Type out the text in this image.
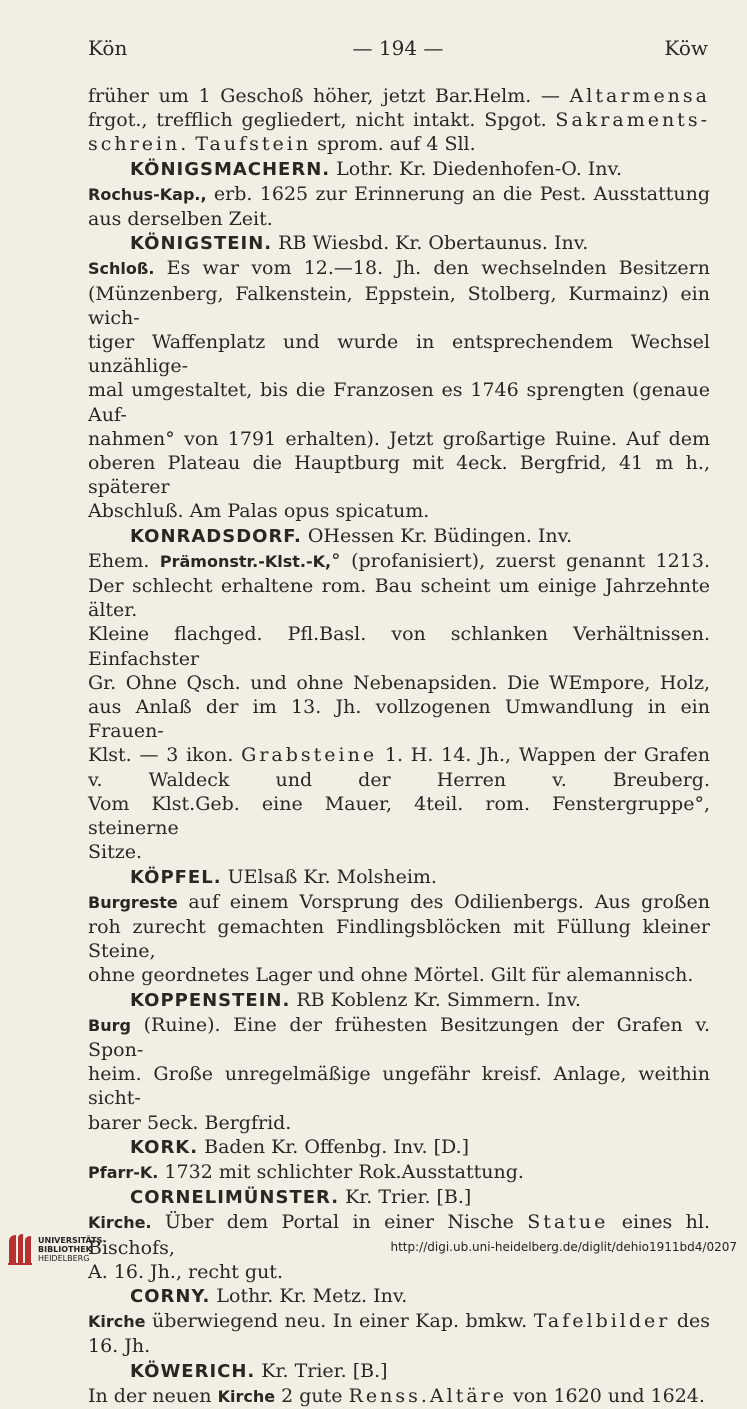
Kön	— 194 —	Köw

früher um 1 Geschoß höher, jetzt Bar.Helm. — Altarmensa

frgot., trefflich gegliedert, nicht intakt. Spgot. Sakraments-

schrein. Taufstein sprom. auf 4 Sll.

KÖNIGSMACHERN. Lothr. Kr. Diedenhofen-O. Inv.

Rochus-Kap., erb. 1625 zur Erinnerung an die Pest. Ausstattung

aus derselben Zeit.

KÖNIGSTEIN. RB Wiesbd. Kr. Obertaunus. Inv.

Schloß. Es war vom 12.—18. Jh. den wechselnden Besitzern

(Münzenberg, Falkenstein, Eppstein, Stolberg, Kurmainz) ein wich-

tiger Waffenplatz und wurde in entsprechendem Wechsel unzählige-

mal umgestaltet, bis die Franzosen es 1746 sprengten (genaue Auf-

nahmen° von 1791 erhalten). Jetzt großartige Ruine. Auf dem

oberen Plateau die Hauptburg mit 4eck. Bergfrid, 41 m h., späterer

Abschluß. Am Palas opus spicatum.

KONRADSDORF. OHessen Kr. Büdingen. Inv.

Ehem. Prämonstr.-Klst.-K,° (profanisiert), zuerst genannt 1213.

Der schlecht erhaltene rom. Bau scheint um einige Jahrzehnte älter.

Kleine flachged. Pfl.Basl. von schlanken Verhältnissen. Einfachster

Gr. Ohne Qsch. und ohne Nebenapsiden. Die WEmpore, Holz,

aus Anlaß der im 13. Jh. vollzogenen Umwandlung in ein Frauen-

Klst. — 3 ikon. Grabsteine 1. H. 14. Jh., Wappen der Grafen

v. Waldeck und der Herren v. Breuberg.

Vom Klst.Geb. eine Mauer, 4teil. rom. Fenstergruppe°, steinerne

Sitze.

KÖPFEL. UElsaß Kr. Molsheim.

Burgreste auf einem Vorsprung des Odilienbergs. Aus großen

roh zurecht gemachten Findlingsblöcken mit Füllung kleiner Steine,

ohne geordnetes Lager und ohne Mörtel. Gilt für alemannisch.

KOPPENSTEIN. RB Koblenz Kr. Simmern. Inv.

Burg (Ruine). Eine der frühesten Besitzungen der Grafen v. Spon-

heim. Große unregelmäßige ungefähr kreisf. Anlage, weithin sicht-

barer 5eck. Bergfrid.

KORK. Baden Kr. Offenbg. Inv. [D.]

Pfarr-K. 1732 mit schlichter Rok.Ausstattung.

CORNELIMÜNSTER. Kr. Trier. [B.]

Kirche. Über dem Portal in einer Nische Statue eines hl. Bischofs,

A. 16. Jh., recht gut.

CORNY. Lothr. Kr. Metz. Inv.

Kirche überwiegend neu. In einer Kap. bmkw. Tafelbilder des

16. Jh.

KÖWERICH. Kr. Trier. [B.]

In der neuen Kirche 2 gute Renss.Altäre von 1620 und 1624.

UNIVERSITÄTS-
BIBLIOTHEK
HEIDELBERG
http://digi.ub.uni-heidelberg.de/diglit/dehio1911bd4/0207
